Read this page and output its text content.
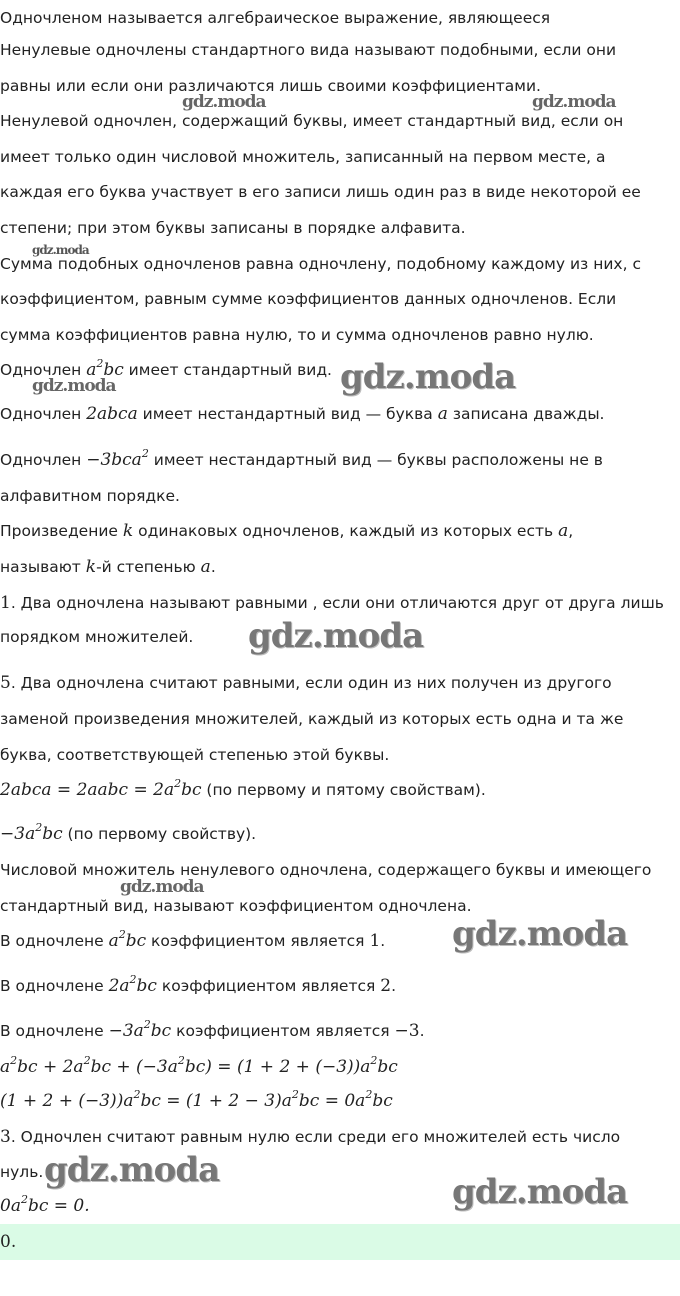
gdz.moda	gdz.moda
gdz.moda
gdz.moda	gdz.moda
gdz.moda
gdz.moda
gdz.moda
gdz.moda
gdz.moda
Одночленом называется алгебраическое выражение, являющееся
Ненулевые одночлены стандартного вида называют подобными, если они
равны или если они различаются лишь своими коэффициентами.
Ненулевой одночлен, содержащий буквы, имеет стандартный вид, если он
имеет только один числовой множитель, записанный на первом месте, а
каждая его буква участвует в его записи лишь один раз в виде некоторой ее
степени; при этом буквы записаны в порядке алфавита.
Сумма подобных одночленов равна одночлену, подобному каждому из них, с
коэффициентом, равным сумме коэффициентов данных одночленов. Если
сумма коэффициентов равна нулю, то и сумма одночленов равно нулю.
Одночлен $a^2bc$ имеет стандартный вид.
Одночлен 2abca имеет нестандартный вид — буква a записана дважды.
Одночлен −3bca$^2$ имеет нестандартный вид — буквы расположены не в
алфавитном порядке.
Произведение k одинаковых одночленов, каждый из которых есть a,
называют k-й степенью a.
1. Два одночлена называют равными , если они отличаются друг от друга лишь
порядком множителей.
5. Два одночлена считают равными, если один из них получен из другого
заменой произведения множителей, каждый из которых есть одна и та же
буква, соответствующей степенью этой буквы.
2abca = 2aabc = $2a^2bc$ (по первому и пятому свойствам).
$-3a^2bc$ (по первому свойству).
Числовой множитель ненулевого одночлена, содержащего буквы и имеющего
стандартный вид, называют коэффициентом одночлена.
В одночлене $a^2bc$ коэффициентом является 1.
В одночлене $2a^2bc$ коэффициентом является 2.
В одночлене $-3a^2bc$ коэффициентом является −3.
$a^2bc + 2a^2bc + (-3a^2bc) = (1 + 2 + (-3))a^2bc$
$(1 + 2 + (-3))a^2bc = (1 + 2 - 3)a^2bc = 0a^2bc$
3. Одночлен считают равным нулю если среди его множителей есть число
нуль.
$0a^2bc = 0$.
0.
